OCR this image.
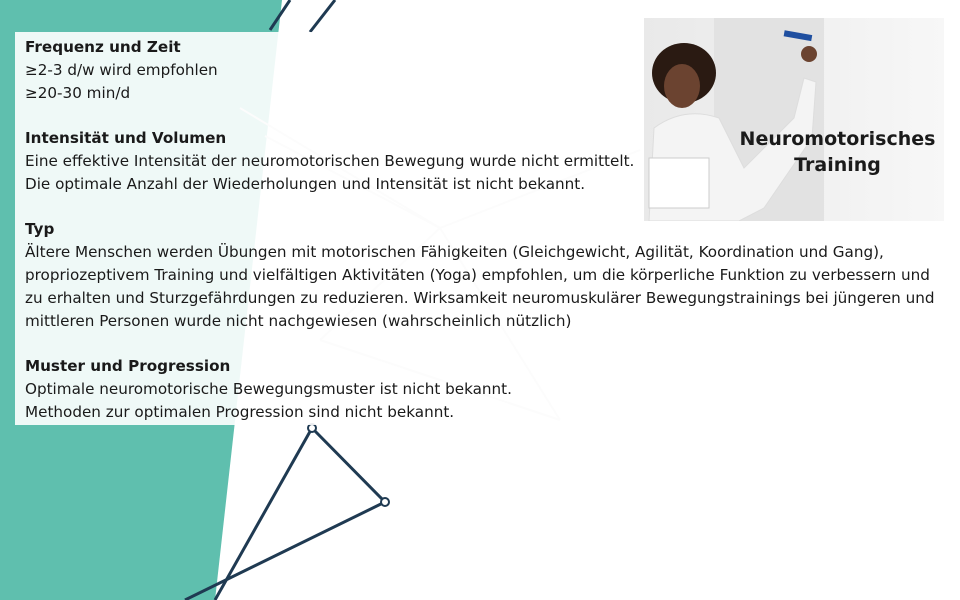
Neuromotorisches Training
Frequenz und Zeit
≥2-3 d/w wird empfohlen
≥20-30 min/d
Intensität und Volumen
Eine effektive Intensität der neuromotorischen Bewegung wurde nicht ermittelt.
Die optimale Anzahl der Wiederholungen und Intensität ist nicht bekannt.
Typ
Ältere Menschen werden Übungen mit motorischen Fähigkeiten (Gleichgewicht, Agilität, Koordination und Gang), propriozeptivem Training und vielfältigen Aktivitäten (Yoga) empfohlen, um die körperliche Funktion zu verbessern und zu erhalten und Sturzgefährdungen zu reduzieren. Wirksamkeit neuromuskulärer Bewegungstrainings bei jüngeren und mittleren Personen wurde nicht nachgewiesen (wahrscheinlich nützlich)
Muster und Progression
Optimale neuromotorische Bewegungsmuster ist nicht bekannt.
Methoden zur optimalen Progression sind nicht bekannt.
